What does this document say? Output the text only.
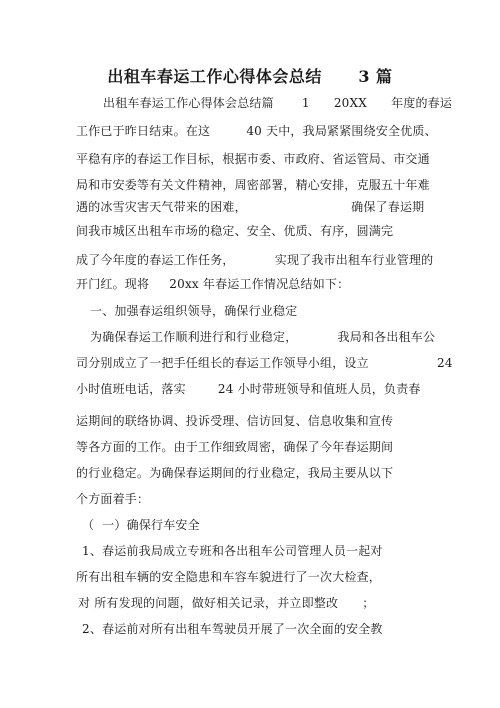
出租车春运工作心得体会总结      3 篇
出租车春运工作心得体会总结篇       1      20XX      年度的春运
工作已于昨日结束。在这         40 天中，我局紧紧围绕安全优质、
平稳有序的春运工作目标，根据市委、市政府、省运管局、市交通
局和市安委等有关文件精神，周密部署，精心安排，克服五十年难
遇的冰雪灾害天气带来的困难，                          确保了春运期
间我市城区出租车市场的稳定、安全、优质、有序，圆满完
成了今年度的春运工作任务，          实现了我市出租车行业管理的
开门红。现将     20xx 年春运工作情况总结如下：
一、加强春运组织领导，确保行业稳定
为确保春运工作顺利进行和行业稳定，          我局和各出租车公
司分别成立了一把手任组长的春运工作领导小组，设立                 24
小时值班电话，落实        24 小时带班领导和值班人员，负责春
运期间的联络协调、投诉受理、信访回复、信息收集和宣传
等各方面的工作。由于工作细致周密，确保了今年春运期间
的行业稳定。为确保春运期间的行业稳定，我局主要从以下
个方面着手：
（  一）确保行车安全
1、春运前我局成立专班和各出租车公司管理人员一起对
所有出租车辆的安全隐患和车容车貌进行了一次大检查，
对 所有发现的问题，做好相关记录，并立即整改      ；
2、春运前对所有出租车驾驶员开展了一次全面的安全教
